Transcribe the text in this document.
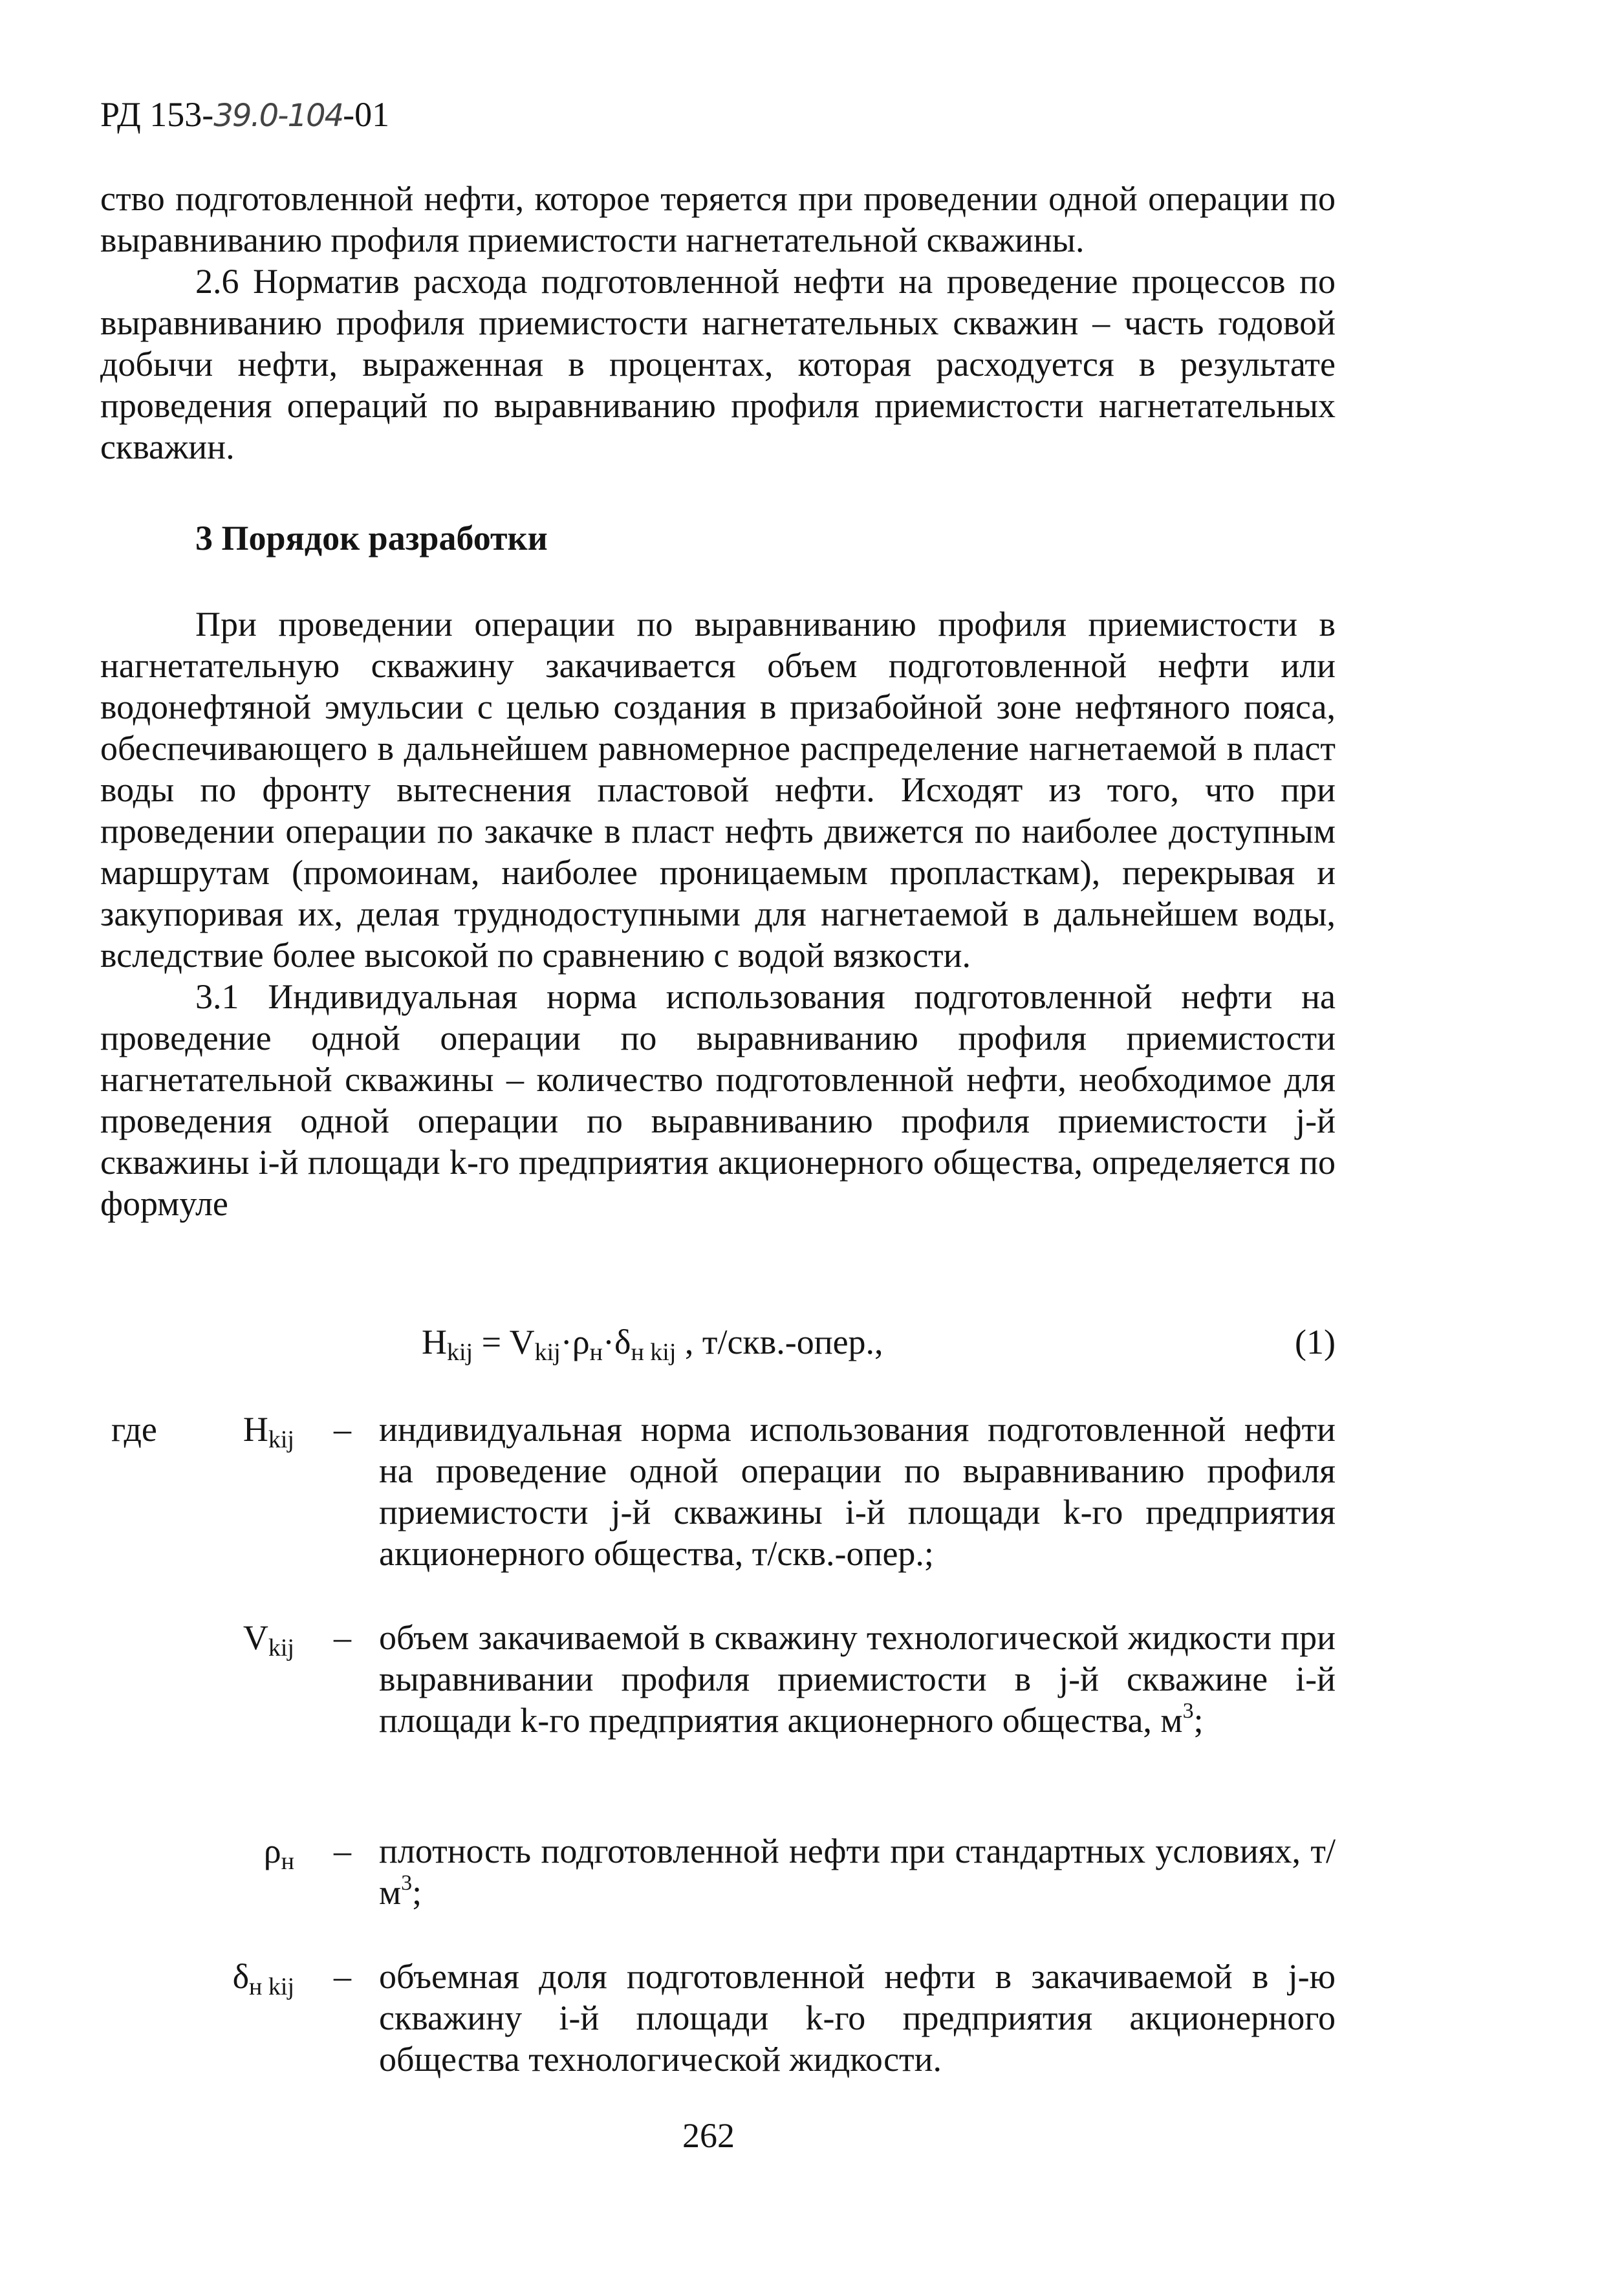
РД 153-39.0-104-01

ство подготовленной нефти, которое теряется при проведении одной операции по выравниванию профиля приемистости нагнетательной скважины.

2.6 Норматив расхода подготовленной нефти на проведение процессов по выравниванию профиля приемистости нагнетательных скважин – часть годовой добычи нефти, выраженная в процентах, которая расходуется в результате проведения операций по выравниванию профиля приемистости нагнетательных скважин.

3 Порядок разработки

При проведении операции по выравниванию профиля приемистости в нагнетательную скважину закачивается объем подготовленной нефти или водонефтяной эмульсии с целью создания в призабойной зоне нефтяного пояса, обеспечивающего в дальнейшем равномерное распределение нагнетаемой в пласт воды по фронту вытеснения пластовой нефти. Исходят из того, что при проведении операции по закачке в пласт нефть движется по наиболее доступным маршрутам (промоинам, наиболее проницаемым пропласткам), перекрывая и закупоривая их, делая труднодоступными для нагнетаемой в дальнейшем воды, вследствие более высокой по сравнению с водой вязкости.

3.1 Индивидуальная норма использования подготовленной нефти на проведение одной операции по выравниванию профиля приемистости нагнетательной скважины – количество подготовленной нефти, необходимое для проведения одной операции по выравниванию профиля приемистости j-й скважины i-й площади k-го предприятия акционерного общества, определяется по формуле

$Н_{kij} = V_{kij}\cdot\rho_н\cdot\delta_{н kij}$ , т/скв.-опер.,	(1)
где	$Н_{kij}$ – индивидуальная норма использования подготовленной нефти на проведение одной операции по выравниванию профиля приемистости j-й скважины i-й площади k-го предприятия акционерного общества, т/скв.-опер.;
$V_{kij}$ – объем закачиваемой в скважину технологической жидкости при выравнивании профиля приемистости в j-й скважине i-й площади k-го предприятия акционерного общества, $м^3$;
$\rho_н$ – плотность подготовленной нефти при стандартных условиях, $т/м^3$;
$\delta_{н kij}$ – объемная доля подготовленной нефти в закачиваемой в j-ю скважину i-й площади k-го предприятия акционерного общества технологической жидкости.
262
